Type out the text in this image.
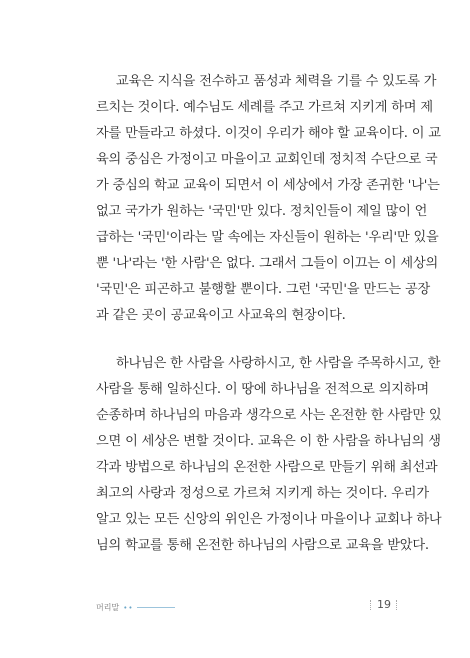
교육은 지식을 전수하고 품성과 체력을 기를 수 있도록 가
르치는 것이다. 예수님도 세례를 주고 가르쳐 지키게 하며 제
자를 만들라고 하셨다. 이것이 우리가 해야 할 교육이다. 이 교
육의 중심은 가정이고 마을이고 교회인데 정치적 수단으로 국
가 중심의 학교 교육이 되면서 이 세상에서 가장 존귀한 '나'는
없고 국가가 원하는 '국민'만 있다. 정치인들이 제일 많이 언
급하는 '국민'이라는 말 속에는 자신들이 원하는 '우리'만 있을
뿐 '나'라는 '한 사람'은 없다. 그래서 그들이 이끄는 이 세상의
'국민'은 피곤하고 불행할 뿐이다. 그런 '국민'을 만드는 공장
과 같은 곳이 공교육이고 사교육의 현장이다.
하나님은 한 사람을 사랑하시고, 한 사람을 주목하시고, 한
사람을 통해 일하신다. 이 땅에 하나님을 전적으로 의지하며
순종하며 하나님의 마음과 생각으로 사는 온전한 한 사람만 있
으면 이 세상은 변할 것이다. 교육은 이 한 사람을 하나님의 생
각과 방법으로 하나님의 온전한 사람으로 만들기 위해 최선과
최고의 사랑과 정성으로 가르쳐 지키게 하는 것이다. 우리가
알고 있는 모든 신앙의 위인은 가정이나 마을이나 교회나 하나
님의 학교를 통해 온전한 하나님의 사람으로 교육을 받았다.
머리말 ••	19
